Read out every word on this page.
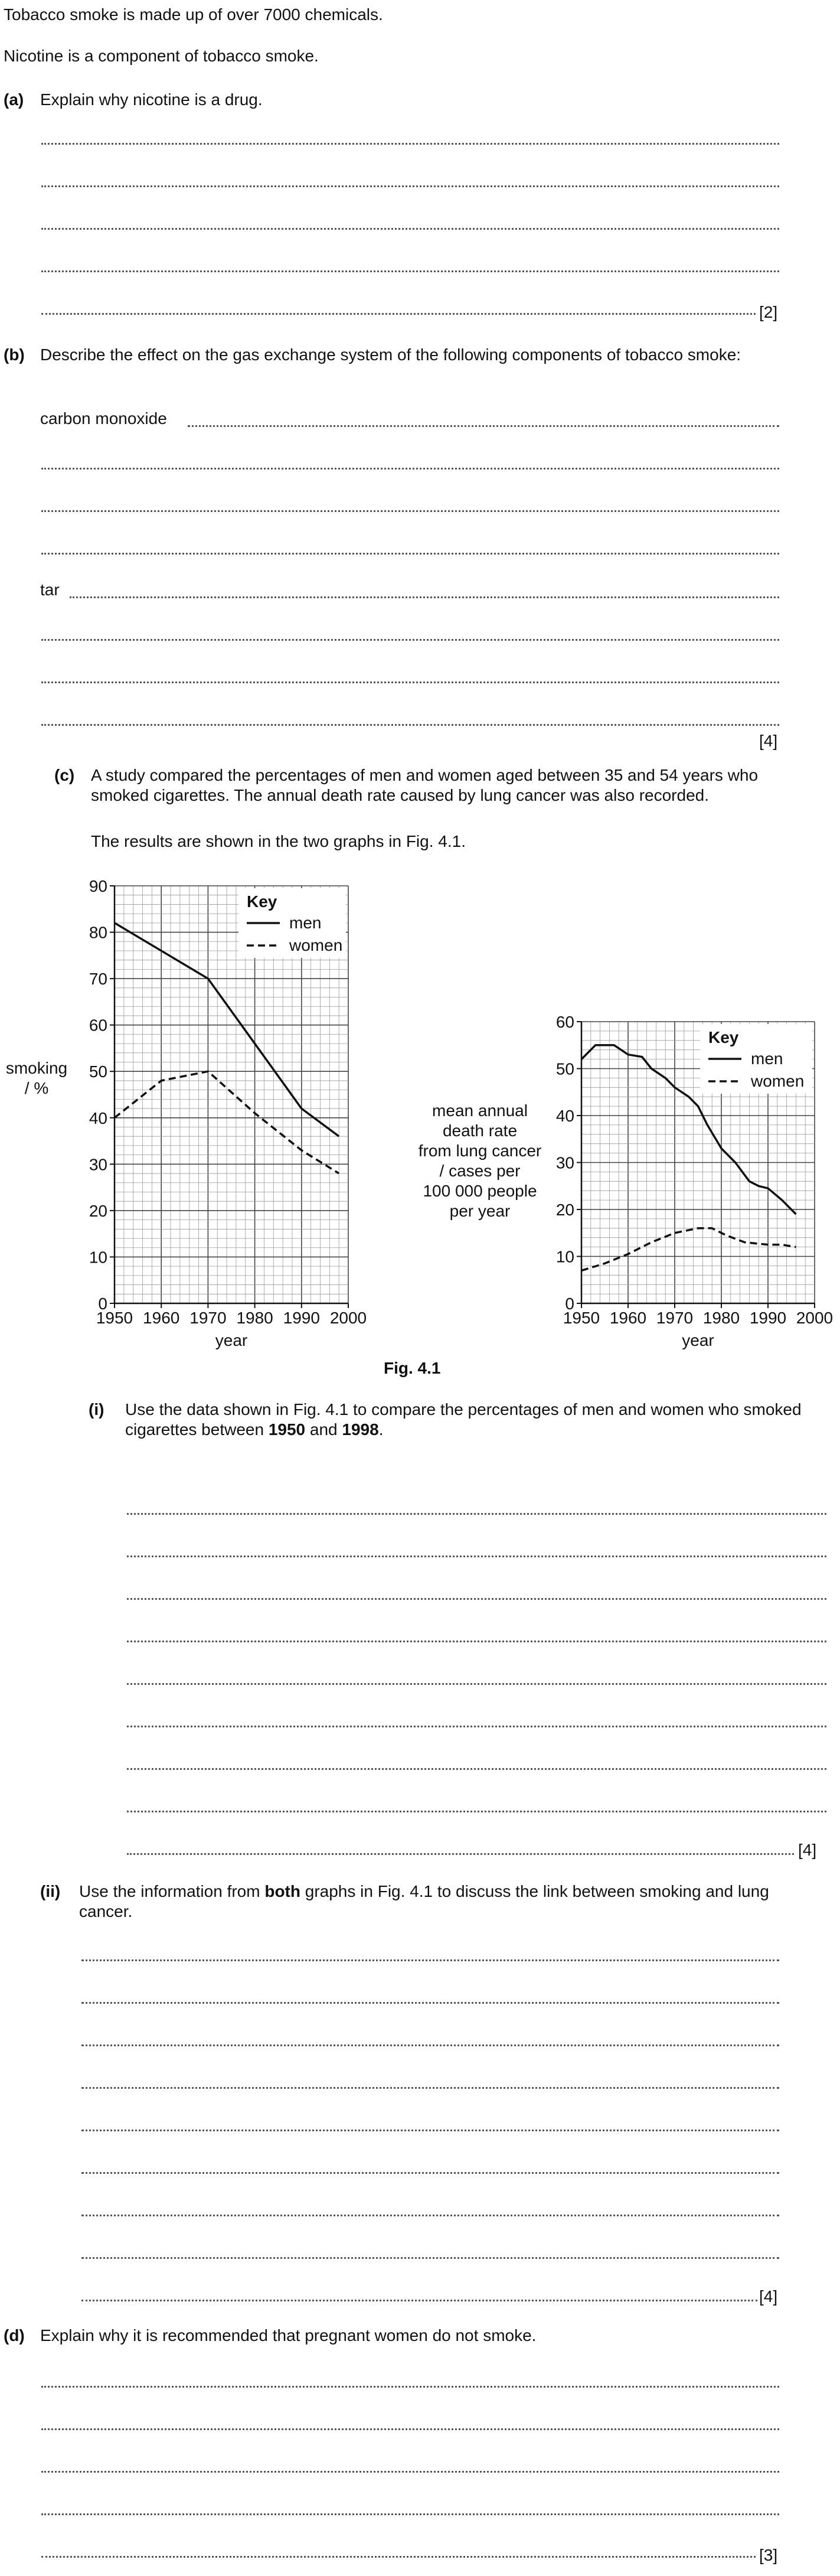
Tobacco smoke is made up of over 7000 chemicals.
Nicotine is a component of tobacco smoke.
(a) Explain why nicotine is a drug.
[2]
(b) Describe the effect on the gas exchange system of the following components of tobacco smoke:
carbon monoxide
tar
[4]
(c) A study compared the percentages of men and women aged between 35 and 54 years who smoked cigarettes. The annual death rate caused by lung cancer was also recorded.
The results are shown in the two graphs in Fig. 4.1.
1950 1960 1970 1980 1990 2000
0
10
20
30
40
50
60
70
80
90
Key
men
women
smoking
/ %
year
1950 1960 1970 1980 1990 2000
0
10
20
30
40
50
60
Key
men
women
mean annual
death rate
from lung cancer
/ cases per
100 000 people
per year
year
Fig. 4.1
(i) Use the data shown in Fig. 4.1 to compare the percentages of men and women who smoked cigarettes between 1950 and 1998.
[4]
(ii) Use the information from both graphs in Fig. 4.1 to discuss the link between smoking and lung cancer.
[4]
(d) Explain why it is recommended that pregnant women do not smoke.
[3]
